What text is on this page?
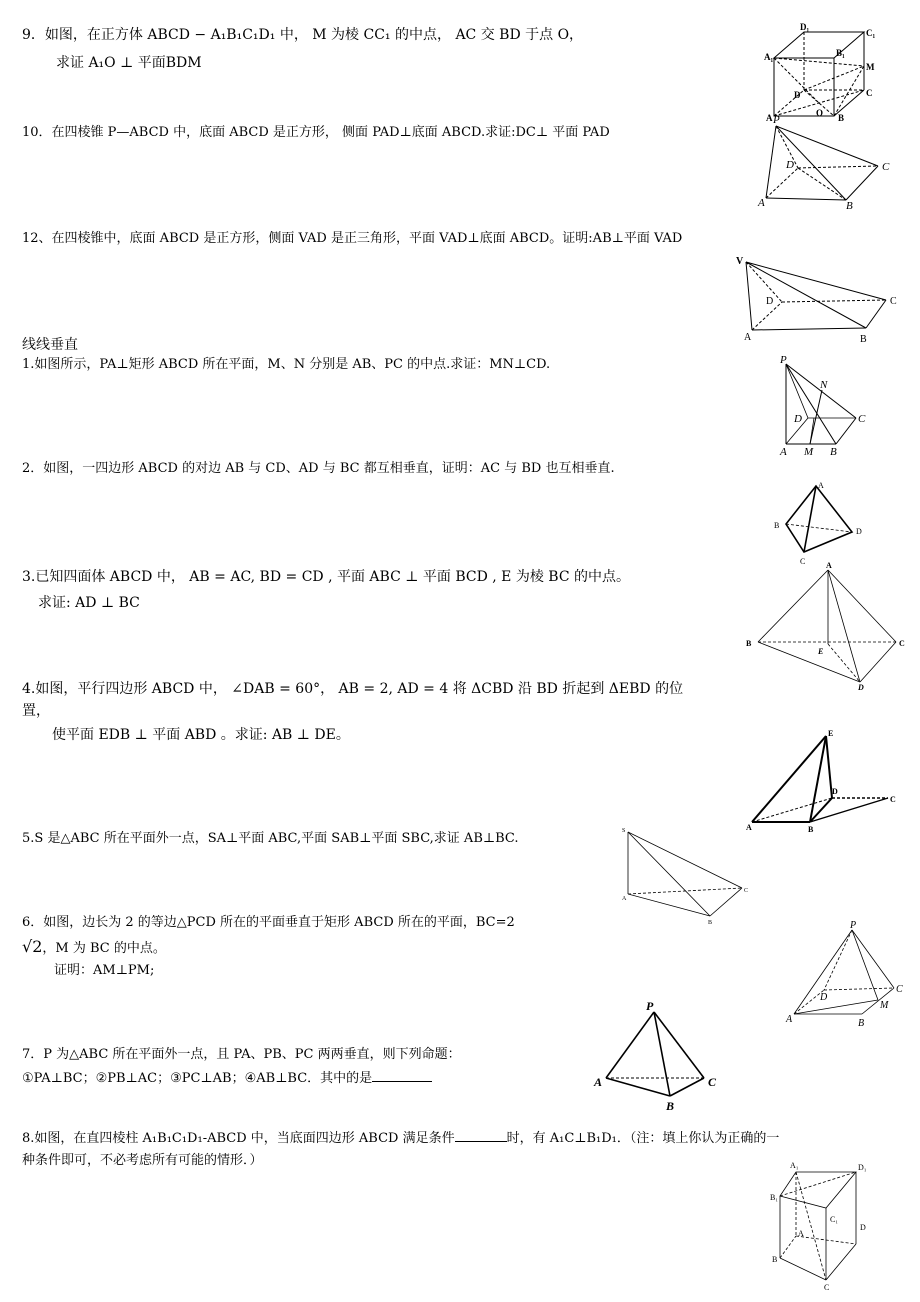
9．如图，在正方体 ABCD − A₁B₁C₁D₁ 中， M 为棱 CC₁ 的中点， AC 交 BD 于点 O，
求证 A₁O ⊥ 平面BDM
10．在四棱锥 P—ABCD 中，底面 ABCD 是正方形， 侧面 PAD⊥底面 ABCD.求证:DC⊥ 平面 PAD
12、在四棱锥中，底面 ABCD 是正方形，侧面 VAD 是正三角形，平面 VAD⊥底面 ABCD。证明:AB⊥平面 VAD
线线垂直
1.如图所示，PA⊥矩形 ABCD 所在平面，M、N 分别是 AB、PC 的中点.求证：MN⊥CD.
2．如图，一四边形 ABCD 的对边 AB 与 CD、AD 与 BC 都互相垂直，证明：AC 与 BD 也互相垂直.
3.已知四面体 ABCD 中， AB = AC, BD = CD , 平面 ABC ⊥ 平面 BCD , E 为棱 BC 的中点。
求证: AD ⊥ BC
4.如图，平行四边形 ABCD 中， ∠DAB = 60°， AB = 2, AD = 4 将 ΔCBD 沿 BD 折起到 ΔEBD 的位
置，
使平面 EDB ⊥ 平面 ABD 。求证: AB ⊥ DE。
5.S 是△ABC 所在平面外一点，SA⊥平面 ABC,平面 SAB⊥平面 SBC,求证 AB⊥BC.
6．如图，边长为 2 的等边△PCD 所在的平面垂直于矩形 ABCD 所在的平面，BC=2
√2，M 为 BC 的中点。
证明：AM⊥PM;
7．P 为△ABC 所在平面外一点，且 PA、PB、PC 两两垂直，则下列命题：
①PA⊥BC；②PB⊥AC；③PC⊥AB；④AB⊥BC．其中的是
8.如图，在直四棱柱 A₁B₁C₁D₁-ABCD 中，当底面四边形 ABCD 满足条件	时，有 A₁C⊥B₁D₁．（注：填上你认为正确的一
种条件即可，不必考虑所有可能的情形．）
A₁
D₁
C₁
B₁
M
D	C
A	O B
P
D	C
A	B
V
D	C
A	B
P
N
D	C
A M B
A
B
D
C	A
B
E
C
D
E
D
C
A	B
S
A
C
B	P
C
D
M
A	B
P
A	C
B
A₁	D₁
B₁
C₁
D
A
B
C
